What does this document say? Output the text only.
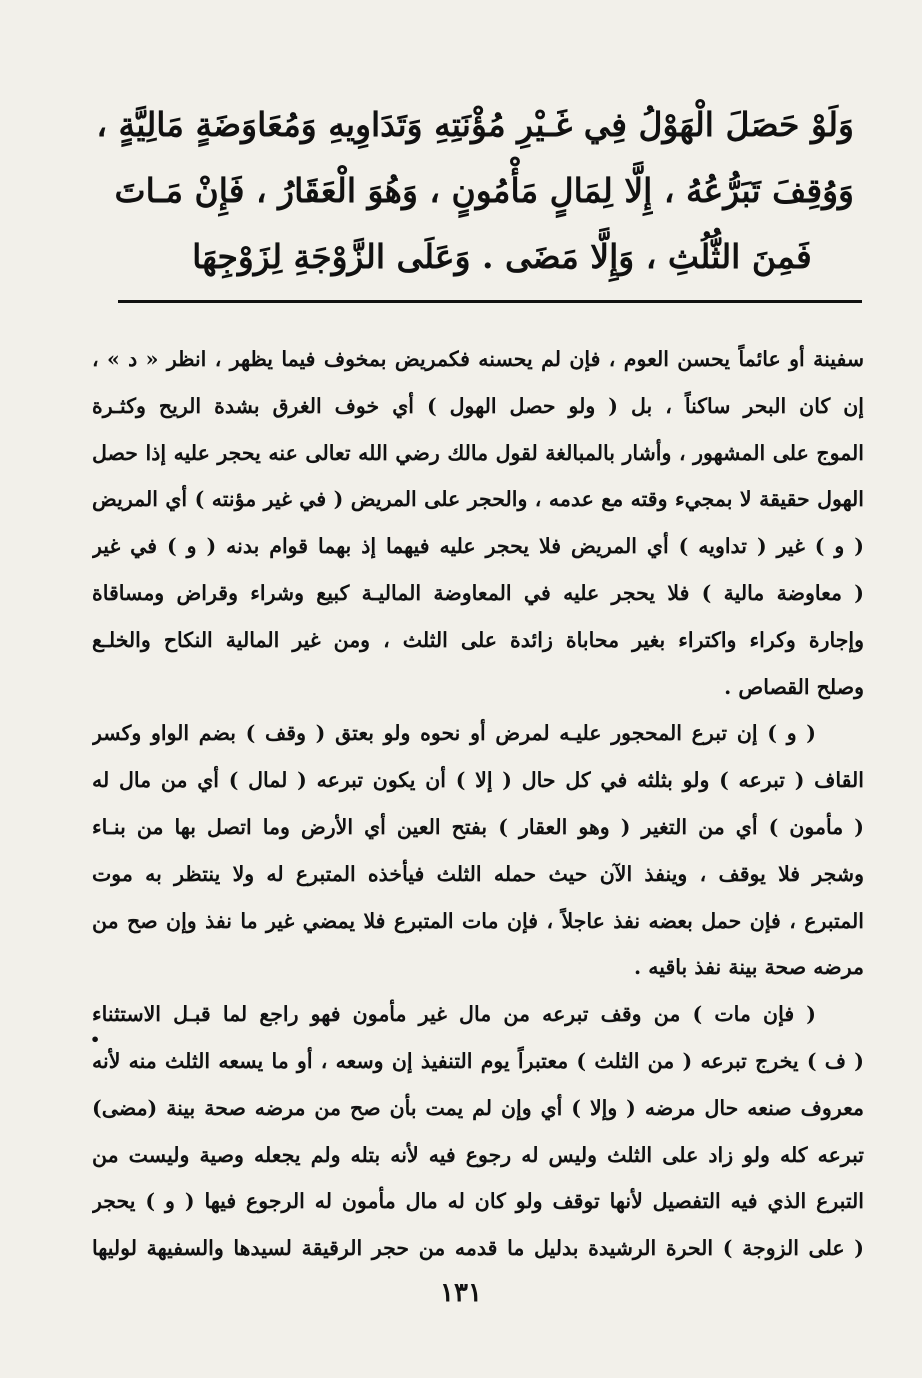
وَلَوْ حَصَلَ الْهَوْلُ فِي غَـيْرِ مُؤْنَتِهِ وَتَدَاوِيهِ وَمُعَاوَضَةٍ مَالِيَّةٍ ،
وَوُقِفَ تَبَرُّعُهُ ، إِلَّا لِمَالٍ مَأْمُونٍ ، وَهُوَ الْعَقَارُ ، فَإِنْ مَـاتَ
فَمِنَ الثُّلُثِ ، وَإِلَّا مَضَى . وَعَلَى الزَّوْجَةِ لِزَوْجِهَا
سفينة أو عائماً يحسن العوم ، فإن لم يحسنه فكمريض بمخوف فيما يظهر ، انظر « د » ،
إن كان البحر ساكناً ، بل ( ولو حصل الهول ) أي خوف الغرق بشدة الريح وكثـرة
الموج على المشهور ، وأشار بالمبالغة لقول مالك رضي الله تعالى عنه يحجر عليه إذا حصل
الهول حقيقة لا بمجيء وقته مع عدمه ، والحجر على المريض ( في غير مؤنته ) أي المريض
( و ) غير ( تداويه ) أي المريض فلا يحجر عليه فيهما إذ بهما قوام بدنه ( و ) في غير
( معاوضة مالية ) فلا يحجر عليه في المعاوضة الماليـة كبيع وشراء وقراض ومساقاة
وإجارة وكراء واكتراء بغير محاباة زائدة على الثلث ، ومن غير المالية النكاح والخلـع
وصلح القصاص .
( و ) إن تبرع المحجور عليـه لمرض أو نحوه ولو بعتق ( وقف ) بضم الواو وكسر
القاف ( تبرعه ) ولو بثلثه في كل حال ( إلا ) أن يكون تبرعه ( لمال ) أي من مال له
( مأمون ) أي من التغير ( وهو العقار ) بفتح العين أي الأرض وما اتصل بها من بنـاء
وشجر فلا يوقف ، وينفذ الآن حيث حمله الثلث فيأخذه المتبرع له ولا ينتظر به موت
المتبرع ، فإن حمل بعضه نفذ عاجلاً ، فإن مات المتبرع فلا يمضي غير ما نفذ وإن صح من
مرضه صحة بينة نفذ باقيه .
( فإن مات ) من وقف تبرعه من مال غير مأمون فهو راجع لما قبـل الاستثناء
( ف ) يخرج تبرعه ( من الثلث ) معتبراً يوم التنفيذ إن وسعه ، أو ما يسعه الثلث منه لأنه
معروف صنعه حال مرضه ( وإلا ) أي وإن لم يمت بأن صح من مرضه صحة بينة (مضى)
تبرعه كله ولو زاد على الثلث وليس له رجوع فيه لأنه بتله ولم يجعله وصية وليست من
التبرع الذي فيه التفصيل لأنها توقف ولو كان له مال مأمون له الرجوع فيها ( و ) يحجر
( على الزوجة ) الحرة الرشيدة بدليل ما قدمه من حجر الرقيقة لسيدها والسفيهة لوليها
١٣١
•
